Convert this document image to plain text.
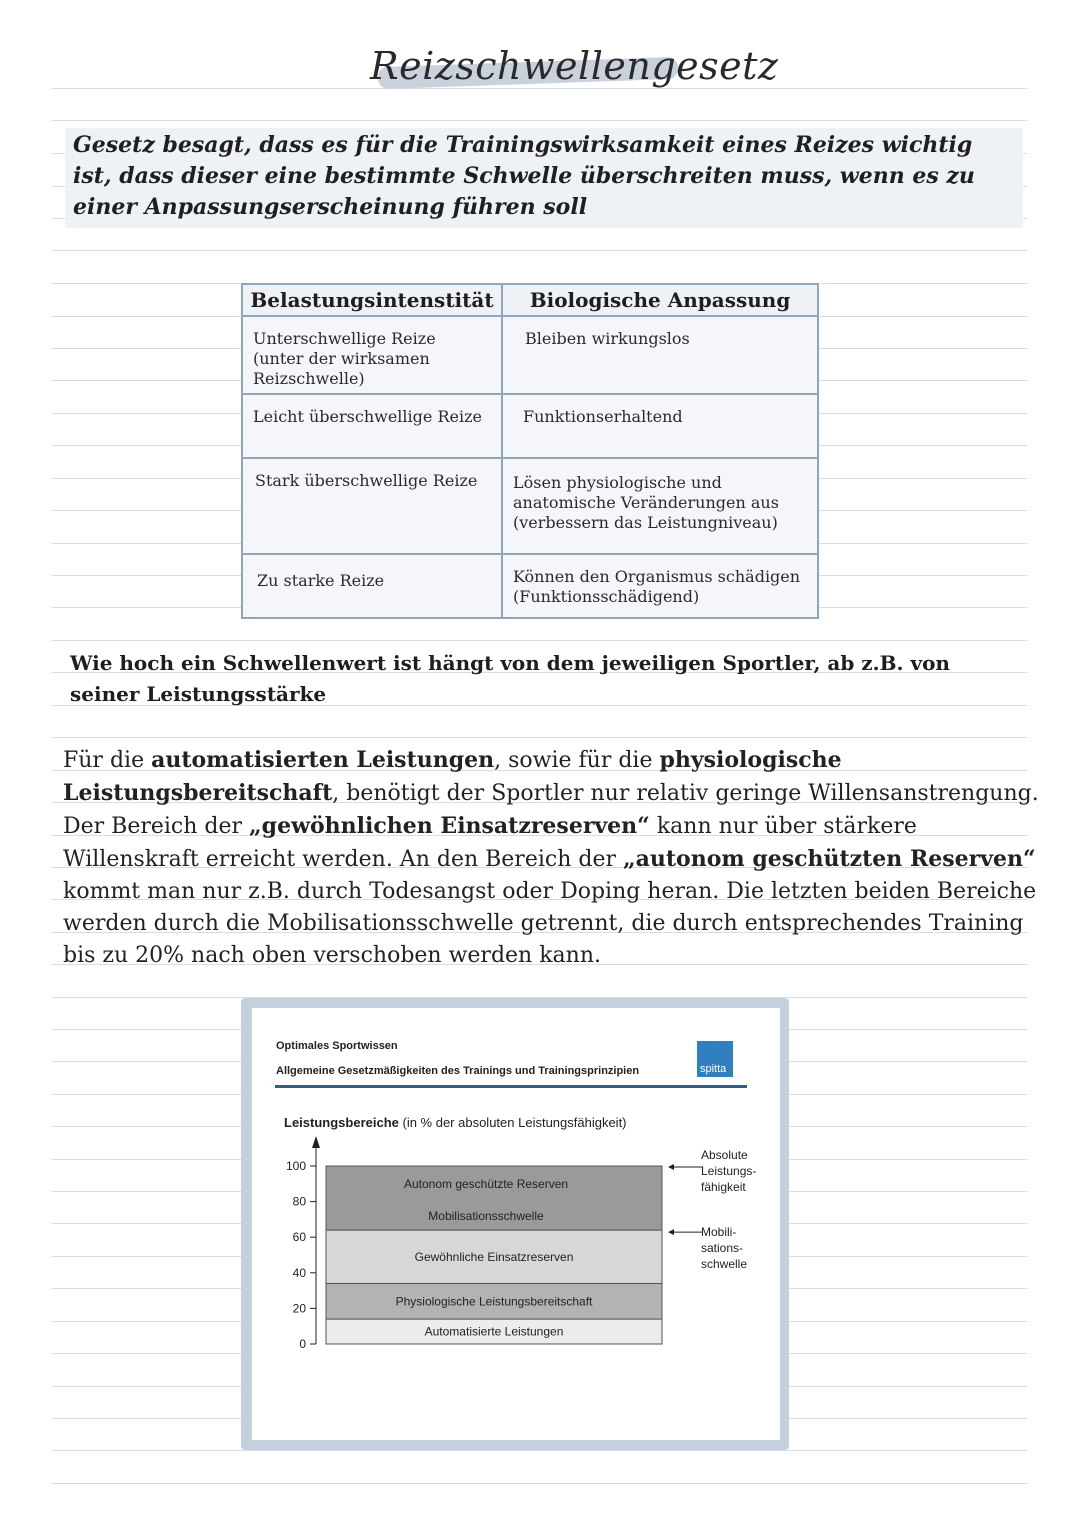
Reizschwellengesetz
Gesetz besagt, dass es für die Trainingswirksamkeit eines Reizes wichtig ist, dass dieser eine bestimmte Schwelle überschreiten muss, wenn es zu einer Anpassungserscheinung führen soll
Belastungsintenstität	Biologische Anpassung
Unterschwellige Reize (unter der wirksamen Reizschwelle)	Bleiben wirkungslos
Leicht überschwellige Reize	Funktionserhaltend
Stark überschwellige Reize	Lösen physiologische und anatomische Veränderungen aus (verbessern das Leistungniveau)
Zu starke Reize	Können den Organismus schädigen (Funktionsschädigend)
Wie hoch ein Schwellenwert ist hängt von dem jeweiligen Sportler, ab z.B. von seiner Leistungsstärke
Für die automatisierten Leistungen, sowie für die physiologische Leistungsbereitschaft, benötigt der Sportler nur relativ geringe Willensanstrengung. Der Bereich der „gewöhnlichen Einsatzreserven“ kann nur über stärkere Willenskraft erreicht werden. An den Bereich der „autonom geschützten Reserven“ kommt man nur z.B. durch Todesangst oder Doping heran. Die letzten beiden Bereiche werden durch die Mobilisationsschwelle getrennt, die durch entsprechendes Training bis zu 20% nach oben verschoben werden kann.
Optimales Sportwissen
Allgemeine Gesetzmäßigkeiten des Trainings und Trainingsprinzipien	spitta
Leistungsbereiche (in % der absoluten Leistungsfähigkeit)
0
20
40
60
80
100
Automatisierte Leistungen
Physiologische Leistungsbereitschaft
Gewöhnliche Einsatzreserven
Mobilisationsschwelle
Autonom geschützte Reserven
Absolute
Leistungs-
fähigkeit
Mobili-
sations-
schwelle
